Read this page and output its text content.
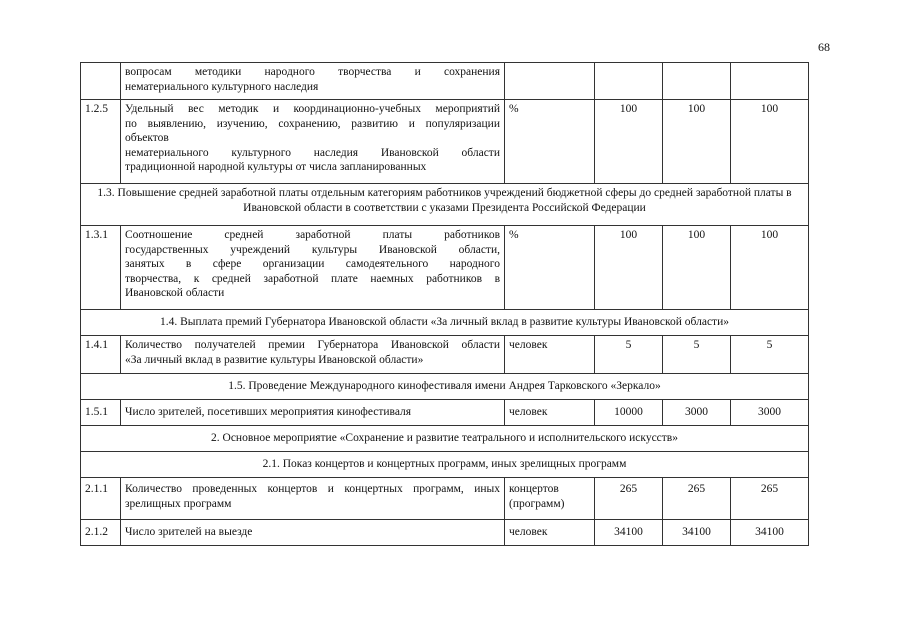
68

	вопросам методики народного творчества и сохранения
нематериального культурного наследия				

1.2.5	Удельный вес методик и координационно-учебных мероприятий
по выявлению, изучению, сохранению, развитию и популяризации
объектов
нематериального культурного наследия Ивановской области
традиционной народной культуры от числа запланированных	%	100	100	100
1.3. Повышение средней заработной платы отдельным категориям работников учреждений бюджетной сферы до средней заработной платы в Ивановской области в соответствии с указами Президента Российской Федерации					
1.3.1	Соотношение средней заработной платы работников
государственных учреждений культуры Ивановской области,
занятых в сфере организации самодеятельного народного
творчества, к средней заработной плате наемных работников в
Ивановской области	%	100	100	100
1.4. Выплата премий Губернатора Ивановской области «За личный вклад в развитие культуры Ивановской области»					
1.4.1	Количество получателей премии Губернатора Ивановской области
«За личный вклад в развитие культуры Ивановской области»	человек	5	5	5
1.5. Проведение Международного кинофестиваля имени Андрея Тарковского «Зеркало»					
1.5.1	Число зрителей, посетивших мероприятия кинофестиваля	человек	10000	3000	3000
2. Основное мероприятие «Сохранение и развитие театрального и исполнительского искусств»					
2.1. Показ концертов и концертных программ, иных зрелищных программ					
2.1.1	Количество проведенных концертов и концертных программ, иных
зрелищных программ	концертов
(программ)	265	265	265
2.1.2	Число зрителей на выезде	человек	34100	34100	34100
